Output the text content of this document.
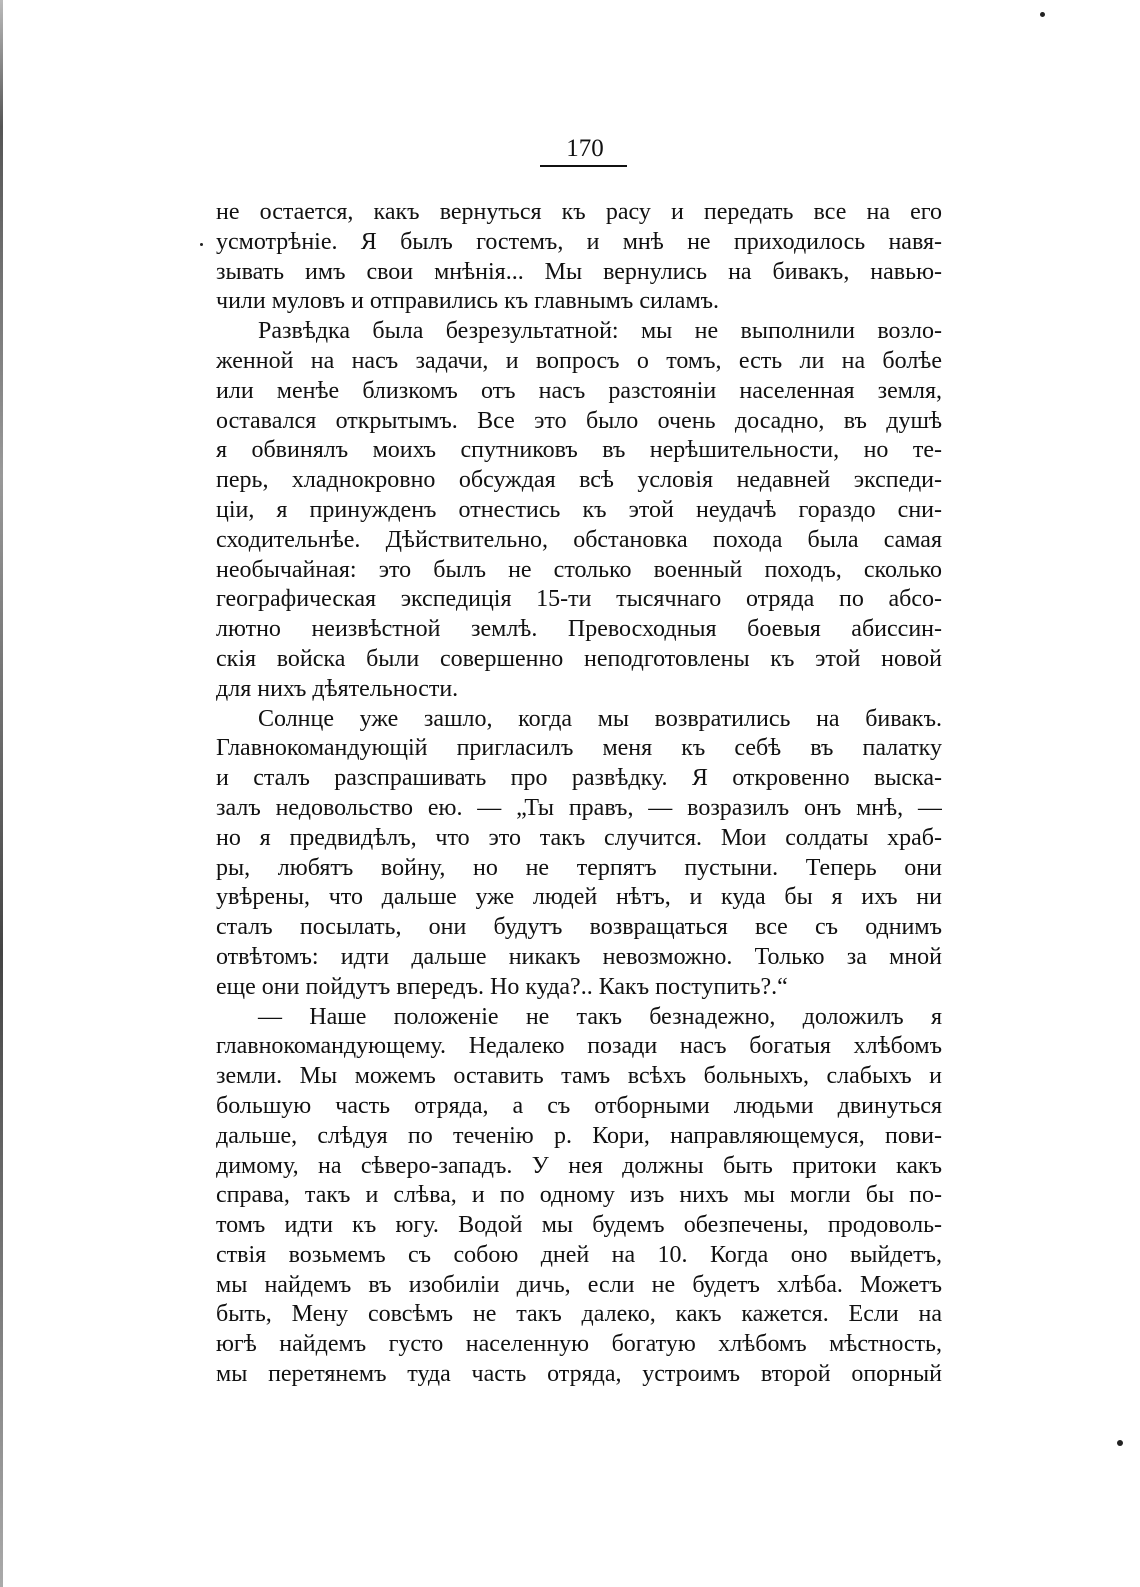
170
не остается, какъ вернуться къ расу и передать все на его
усмотрѣніе. Я былъ гостемъ, и мнѣ не приходилось навя-
зывать имъ свои мнѣнія... Мы вернулись на бивакъ, навью-
чили муловъ и отправились къ главнымъ силамъ.
Развѣдка была безрезультатной: мы не выполнили возло-
женной на насъ задачи, и вопросъ о томъ, есть ли на болѣе
или менѣе близкомъ отъ насъ разстояніи населенная земля,
оставался открытымъ. Все это было очень досадно, въ душѣ
я обвинялъ моихъ спутниковъ въ нерѣшительности, но те-
перь, хладнокровно обсуждая всѣ условія недавней экспеди-
ціи, я принужденъ отнестись къ этой неудачѣ гораздо сни-
сходительнѣе. Дѣйствительно, обстановка похода была самая
необычайная: это былъ не столько военный походъ, сколько
географическая экспедиція 15-ти тысячнаго отряда по абсо-
лютно неизвѣстной землѣ. Превосходныя боевыя абиссин-
скія войска были совершенно неподготовлены къ этой новой
для нихъ дѣятельности.
Солнце уже зашло, когда мы возвратились на бивакъ.
Главнокомандующій пригласилъ меня къ себѣ въ палатку
и сталъ разспрашивать про развѣдку. Я откровенно выска-
залъ недовольство ею. — „Ты правъ, — возразилъ онъ мнѣ, —
но я предвидѣлъ, что это такъ случится. Мои солдаты храб-
ры, любятъ войну, но не терпятъ пустыни. Теперь они
увѣрены, что дальше уже людей нѣтъ, и куда бы я ихъ ни
сталъ посылать, они будутъ возвращаться все съ однимъ
отвѣтомъ: идти дальше никакъ невозможно. Только за мной
еще они пойдутъ впередъ. Но куда?.. Какъ поступить?.“
— Наше положеніе не такъ безнадежно, доложилъ я
главнокомандующему. Недалеко позади насъ богатыя хлѣбомъ
земли. Мы можемъ оставить тамъ всѣхъ больныхъ, слабыхъ и
большую часть отряда, а съ отборными людьми двинуться
дальше, слѣдуя по теченію р. Кори, направляющемуся, пови-
димому, на сѣверо-западъ. У нея должны быть притоки какъ
справа, такъ и слѣва, и по одному изъ нихъ мы могли бы по-
томъ идти къ югу. Водой мы будемъ обезпечены, продоволь-
ствія возьмемъ съ собою дней на 10. Когда оно выйдетъ,
мы найдемъ въ изобиліи дичь, если не будетъ хлѣба. Можетъ
быть, Мену совсѣмъ не такъ далеко, какъ кажется. Если на
югѣ найдемъ густо населенную богатую хлѣбомъ мѣстность,
мы перетянемъ туда часть отряда, устроимъ второй опорный
